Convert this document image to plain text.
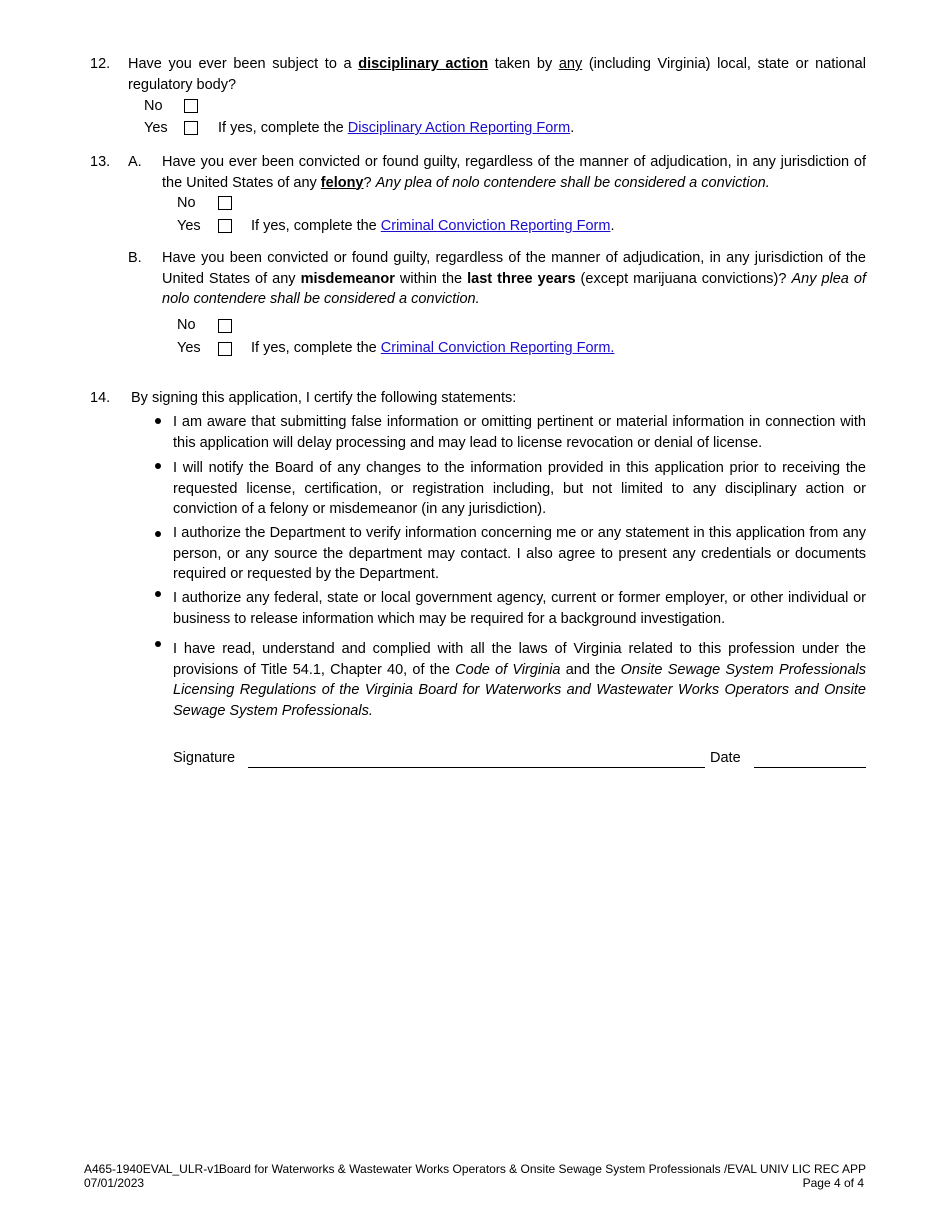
12. Have you ever been subject to a disciplinary action taken by any (including Virginia) local, state or national regulatory body?
No
Yes	If yes, complete the Disciplinary Action Reporting Form.
13. A. Have you ever been convicted or found guilty, regardless of the manner of adjudication, in any jurisdiction of the United States of any felony? Any plea of nolo contendere shall be considered a conviction.
No
Yes	If yes, complete the Criminal Conviction Reporting Form.
B. Have you been convicted or found guilty, regardless of the manner of adjudication, in any jurisdiction of the United States of any misdemeanor within the last three years (except marijuana convictions)? Any plea of nolo contendere shall be considered a conviction.
No
Yes	If yes, complete the Criminal Conviction Reporting Form.
14. By signing this application, I certify the following statements:
I am aware that submitting false information or omitting pertinent or material information in connection with this application will delay processing and may lead to license revocation or denial of license.
I will notify the Board of any changes to the information provided in this application prior to receiving the requested license, certification, or registration including, but not limited to any disciplinary action or conviction of a felony or misdemeanor (in any jurisdiction).
I authorize the Department to verify information concerning me or any statement in this application from any person, or any source the department may contact. I also agree to present any credentials or documents required or requested by the Department.
I authorize any federal, state or local government agency, current or former employer, or other individual or business to release information which may be required for a background investigation.
I have read, understand and complied with all the laws of Virginia related to this profession under the provisions of Title 54.1, Chapter 40, of the Code of Virginia and the Onsite Sewage System Professionals Licensing Regulations of the Virginia Board for Waterworks and Wastewater Works Operators and Onsite Sewage System Professionals.
Signature	Date
A465-1940EVAL_ULR-v1
07/01/2023
Board for Waterworks & Wastewater Works Operators & Onsite Sewage System Professionals /EVAL UNIV LIC REC APP
Page 4 of 4
